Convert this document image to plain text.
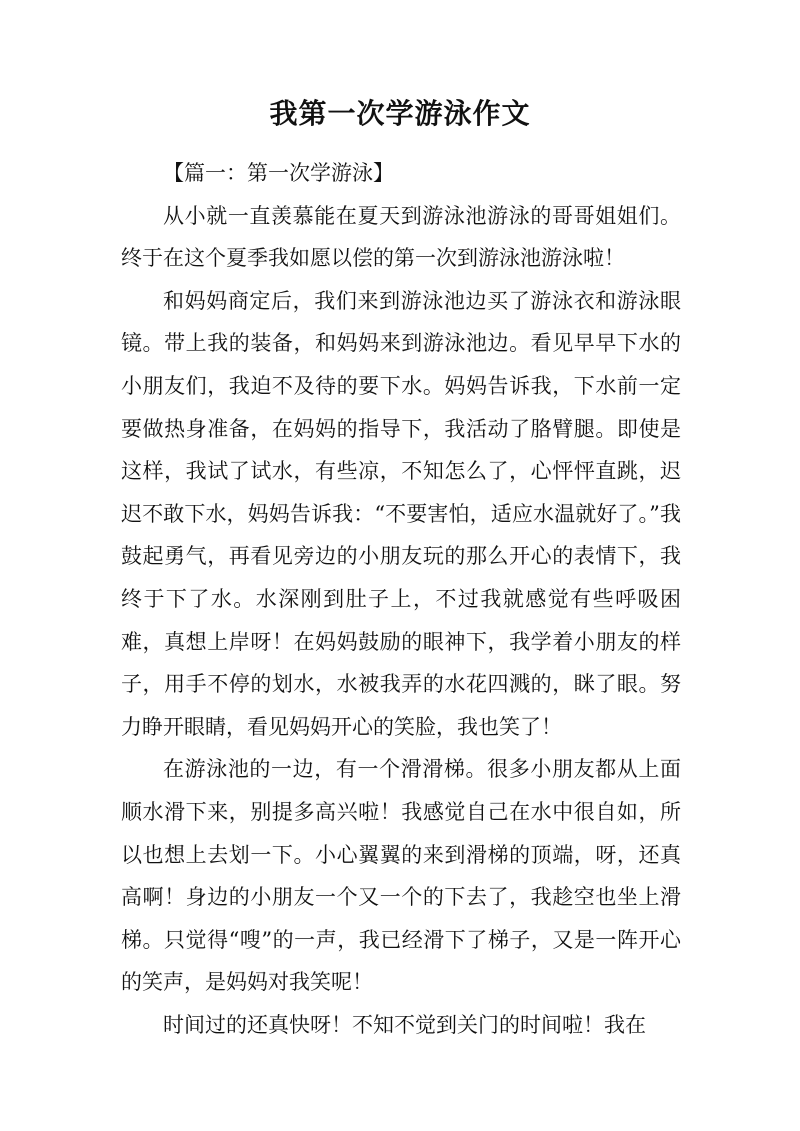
我第一次学游泳作文

【篇一：第一次学游泳】

从小就一直羡慕能在夏天到游泳池游泳的哥哥姐姐们。终于在这个夏季我如愿以偿的第一次到游泳池游泳啦！

和妈妈商定后，我们来到游泳池边买了游泳衣和游泳眼镜。带上我的装备，和妈妈来到游泳池边。看见早早下水的小朋友们，我迫不及待的要下水。妈妈告诉我，下水前一定要做热身准备，在妈妈的指导下，我活动了胳臂腿。即使是这样，我试了试水，有些凉，不知怎么了，心怦怦直跳，迟迟不敢下水，妈妈告诉我：“不要害怕，适应水温就好了。”我鼓起勇气，再看见旁边的小朋友玩的那么开心的表情下，我终于下了水。水深刚到肚子上，不过我就感觉有些呼吸困难，真想上岸呀！在妈妈鼓励的眼神下，我学着小朋友的样子，用手不停的划水，水被我弄的水花四溅的，眯了眼。努力睁开眼睛，看见妈妈开心的笑脸，我也笑了！

在游泳池的一边，有一个滑滑梯。很多小朋友都从上面顺水滑下来，别提多高兴啦！我感觉自己在水中很自如，所以也想上去划一下。小心翼翼的来到滑梯的顶端，呀，还真高啊！身边的小朋友一个又一个的下去了，我趁空也坐上滑梯。只觉得“嗖”的一声，我已经滑下了梯子，又是一阵开心的笑声，是妈妈对我笑呢！

时间过的还真快呀！不知不觉到关门的时间啦！我在
